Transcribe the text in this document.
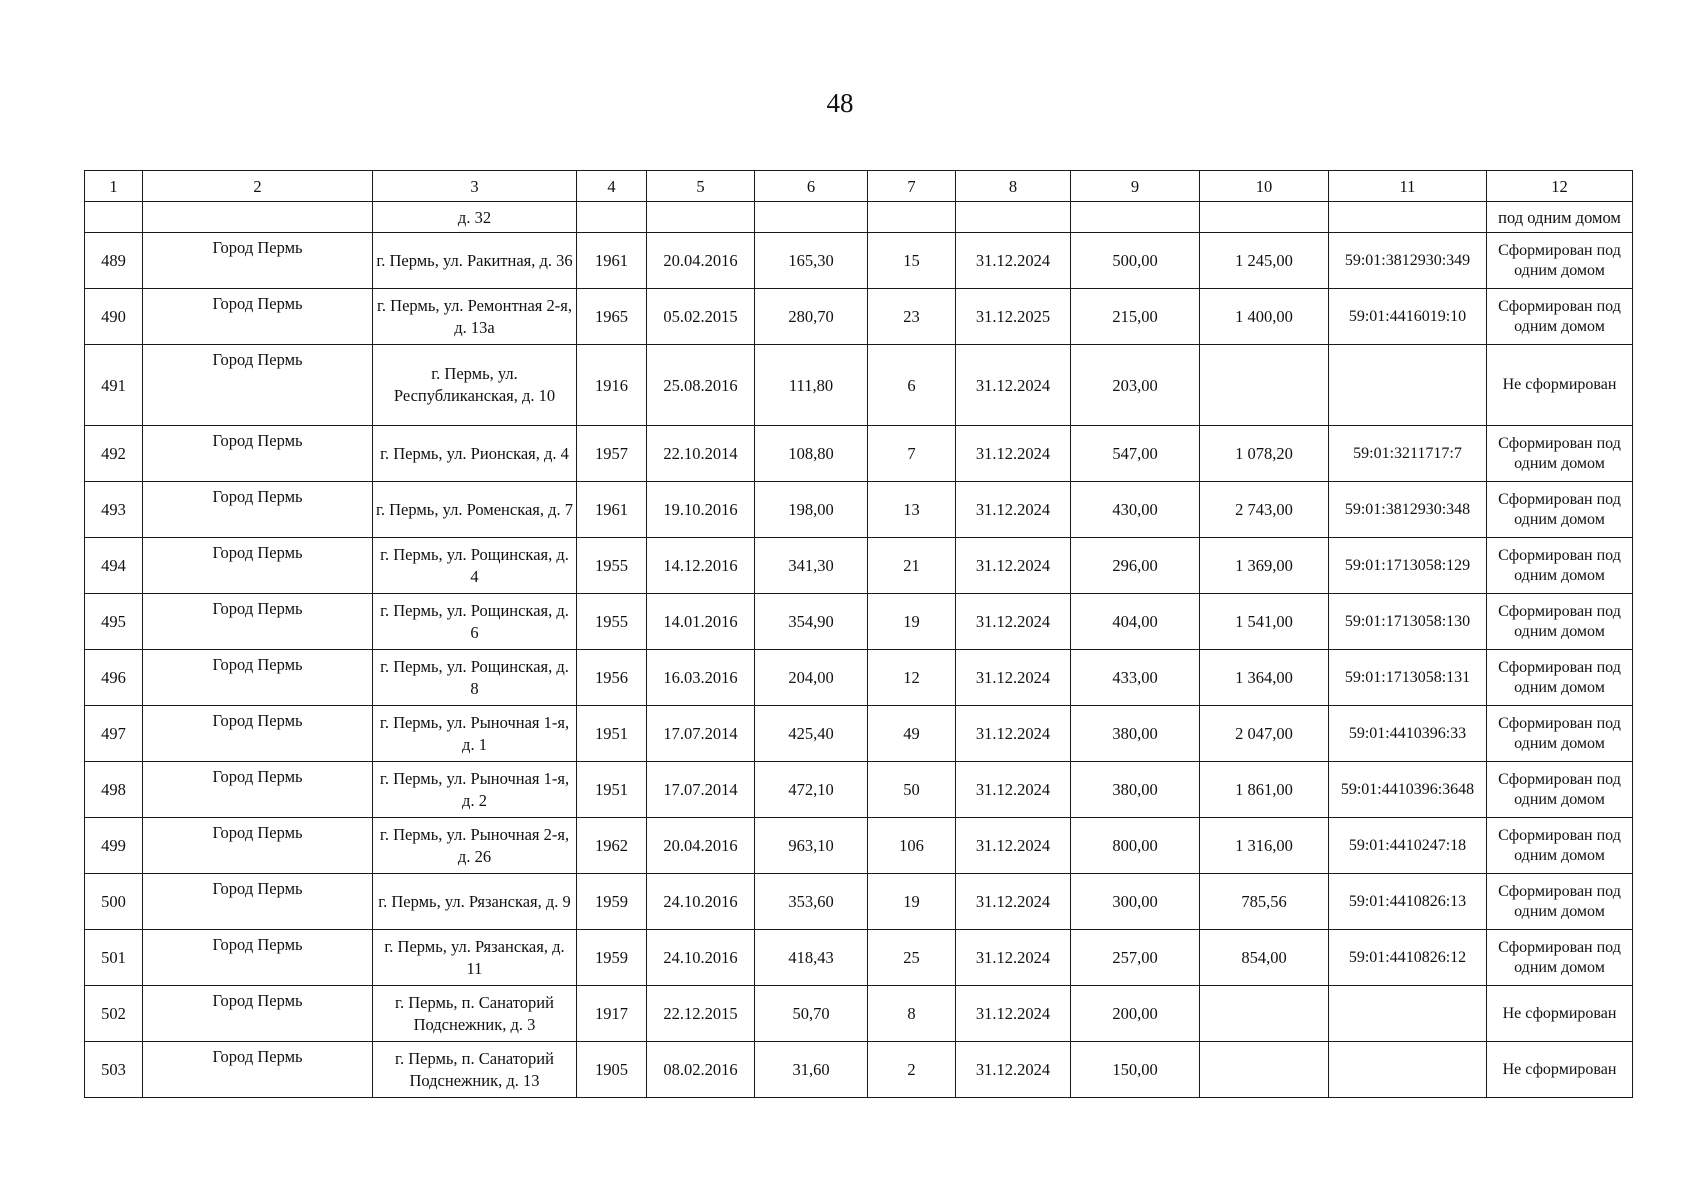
48
1	2	3	4	5	6	7	8	9	10	11	12
		д. 32									под одним домом
489	Город Пермь	г. Пермь, ул. Ракитная, д. 36	1961	20.04.2016	165,30	15	31.12.2024	500,00	1 245,00	59:01:3812930:349	Сформирован под одним домом
490	Город Пермь	г. Пермь, ул. Ремонтная 2-я, д. 13а	1965	05.02.2015	280,70	23	31.12.2025	215,00	1 400,00	59:01:4416019:10	Сформирован под одним домом
491	Город Пермь	г. Пермь, ул. Республиканская, д. 10	1916	25.08.2016	111,80	6	31.12.2024	203,00			Не сформирован
492	Город Пермь	г. Пермь, ул. Рионская, д. 4	1957	22.10.2014	108,80	7	31.12.2024	547,00	1 078,20	59:01:3211717:7	Сформирован под одним домом
493	Город Пермь	г. Пермь, ул. Роменская, д. 7	1961	19.10.2016	198,00	13	31.12.2024	430,00	2 743,00	59:01:3812930:348	Сформирован под одним домом
494	Город Пермь	г. Пермь, ул. Рощинская, д. 4	1955	14.12.2016	341,30	21	31.12.2024	296,00	1 369,00	59:01:1713058:129	Сформирован под одним домом
495	Город Пермь	г. Пермь, ул. Рощинская, д. 6	1955	14.01.2016	354,90	19	31.12.2024	404,00	1 541,00	59:01:1713058:130	Сформирован под одним домом
496	Город Пермь	г. Пермь, ул. Рощинская, д. 8	1956	16.03.2016	204,00	12	31.12.2024	433,00	1 364,00	59:01:1713058:131	Сформирован под одним домом
497	Город Пермь	г. Пермь, ул. Рыночная 1-я, д. 1	1951	17.07.2014	425,40	49	31.12.2024	380,00	2 047,00	59:01:4410396:33	Сформирован под одним домом
498	Город Пермь	г. Пермь, ул. Рыночная 1-я, д. 2	1951	17.07.2014	472,10	50	31.12.2024	380,00	1 861,00	59:01:4410396:3648	Сформирован под одним домом
499	Город Пермь	г. Пермь, ул. Рыночная 2-я, д. 26	1962	20.04.2016	963,10	106	31.12.2024	800,00	1 316,00	59:01:4410247:18	Сформирован под одним домом
500	Город Пермь	г. Пермь, ул. Рязанская, д. 9	1959	24.10.2016	353,60	19	31.12.2024	300,00	785,56	59:01:4410826:13	Сформирован под одним домом
501	Город Пермь	г. Пермь, ул. Рязанская, д. 11	1959	24.10.2016	418,43	25	31.12.2024	257,00	854,00	59:01:4410826:12	Сформирован под одним домом
502	Город Пермь	г. Пермь, п. Санаторий Подснежник, д. 3	1917	22.12.2015	50,70	8	31.12.2024	200,00			Не сформирован
503	Город Пермь	г. Пермь, п. Санаторий Подснежник, д. 13	1905	08.02.2016	31,60	2	31.12.2024	150,00			Не сформирован
